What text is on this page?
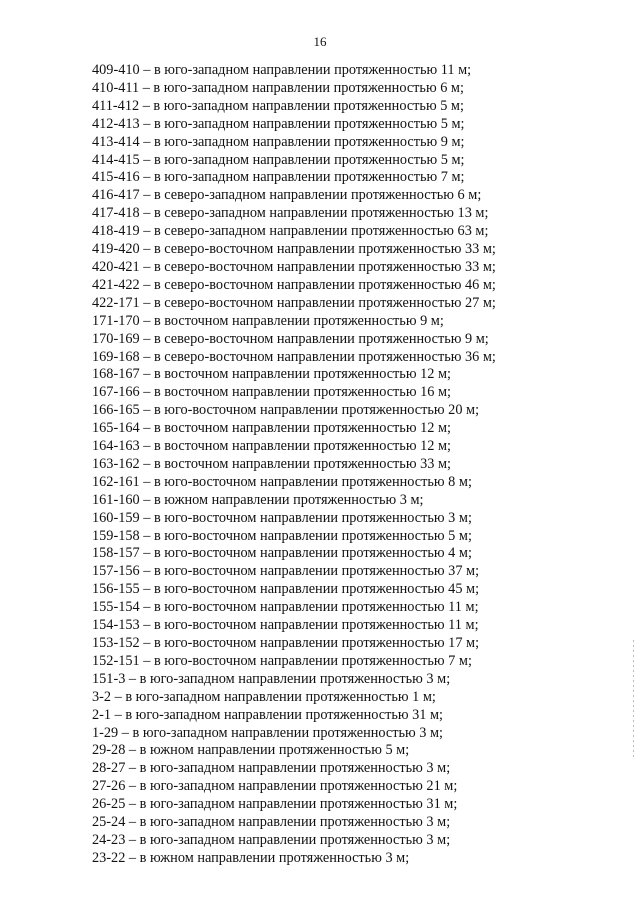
16
409-410 – в юго-западном направлении протяженностью 11 м;
410-411 – в юго-западном направлении протяженностью 6 м;
411-412 – в юго-западном направлении протяженностью 5 м;
412-413 – в юго-западном направлении протяженностью 5 м;
413-414 – в юго-западном направлении протяженностью 9 м;
414-415 – в юго-западном направлении протяженностью 5 м;
415-416 – в юго-западном направлении протяженностью 7 м;
416-417 – в северо-западном направлении протяженностью 6 м;
417-418 – в северо-западном направлении протяженностью 13 м;
418-419 – в северо-западном направлении протяженностью 63 м;
419-420 – в северо-восточном направлении протяженностью 33 м;
420-421 – в северо-восточном направлении протяженностью 33 м;
421-422 – в северо-восточном направлении протяженностью 46 м;
422-171 – в северо-восточном направлении протяженностью 27 м;
171-170 – в восточном направлении протяженностью 9 м;
170-169 – в северо-восточном направлении протяженностью 9 м;
169-168 – в северо-восточном направлении протяженностью 36 м;
168-167 – в восточном направлении протяженностью 12 м;
167-166 – в восточном направлении протяженностью 16 м;
166-165 – в юго-восточном направлении протяженностью 20 м;
165-164 – в восточном направлении протяженностью 12 м;
164-163 – в восточном направлении протяженностью 12 м;
163-162 – в восточном направлении протяженностью 33 м;
162-161 – в юго-восточном направлении протяженностью 8 м;
161-160 – в южном направлении протяженностью 3 м;
160-159 – в юго-восточном направлении протяженностью 3 м;
159-158 – в юго-восточном направлении протяженностью 5 м;
158-157 – в юго-восточном направлении протяженностью 4 м;
157-156 – в юго-восточном направлении протяженностью 37 м;
156-155 – в юго-восточном направлении протяженностью 45 м;
155-154 – в юго-восточном направлении протяженностью 11 м;
154-153 – в юго-восточном направлении протяженностью 11 м;
153-152 – в юго-восточном направлении протяженностью 17 м;
152-151 – в юго-восточном направлении протяженностью 7 м;
151-3 – в юго-западном направлении протяженностью 3 м;
3-2 – в юго-западном направлении протяженностью 1 м;
2-1 – в юго-западном направлении протяженностью 31 м;
1-29 – в юго-западном направлении протяженностью 3 м;
29-28 – в южном направлении протяженностью 5 м;
28-27 – в юго-западном направлении протяженностью 3 м;
27-26 – в юго-западном направлении протяженностью 21 м;
26-25 – в юго-западном направлении протяженностью 31 м;
25-24 – в юго-западном направлении протяженностью 3 м;
24-23 – в юго-западном направлении протяженностью 3 м;
23-22 – в южном направлении протяженностью 3 м;
